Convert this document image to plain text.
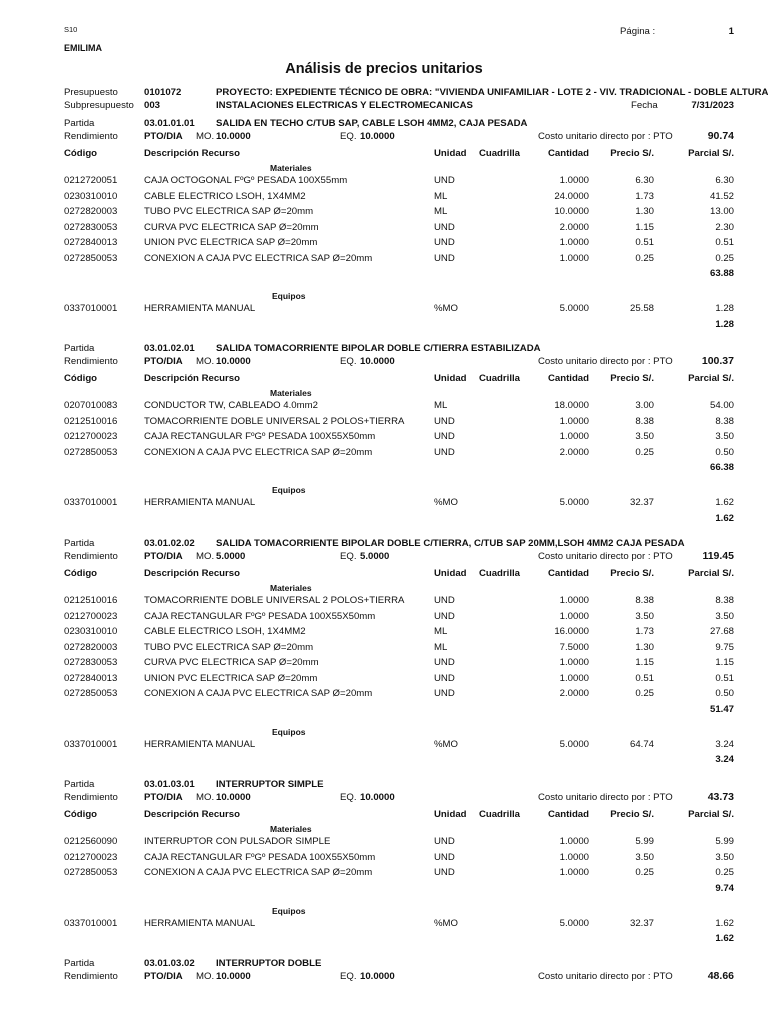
S10
EMILIMA
Página :	1
Análisis de precios unitarios
Presupuesto	0101072	PROYECTO: EXPEDIENTE TÉCNICO DE OBRA: "VIVIENDA UNIFAMILIAR - LOTE 2 - VIV. TRADICIONAL - DOBLE ALTURA
Subpresupuesto 003	INSTALACIONES ELECTRICAS Y ELECTROMECANICAS	Fecha	7/31/2023
Partida	03.01.01.01 SALIDA EN TECHO C/TUB SAP, CABLE LSOH 4MM2, CAJA PESADA
Rendimiento	PTO/DIA MO. 10.0000	EQ. 10.0000	Costo unitario directo por : PTO	90.74
Código	Descripción Recurso	Unidad	Cuadrilla	Cantidad	Precio S/.	Parcial S/.
Materiales
0212720051	CAJA OCTOGONAL FºGº PESADA 100X55mm	UND	1.0000	6.30	6.30
0230310010	CABLE ELECTRICO LSOH, 1X4MM2	ML	24.0000	1.73	41.52
0272820003	TUBO PVC ELECTRICA SAP Ø=20mm	ML	10.0000	1.30	13.00
0272830053	CURVA PVC ELECTRICA SAP Ø=20mm	UND	2.0000	1.15	2.30
0272840013	UNION PVC ELECTRICA SAP Ø=20mm	UND	1.0000	0.51	0.51
0272850053	CONEXION A CAJA PVC ELECTRICA SAP Ø=20mm	UND	1.0000	0.25	0.25
63.88
Equipos
0337010001	HERRAMIENTA MANUAL	%MO	5.0000	25.58	1.28
1.28
Partida	03.01.02.01 SALIDA TOMACORRIENTE BIPOLAR DOBLE C/TIERRA ESTABILIZADA
Rendimiento	PTO/DIA MO. 10.0000	EQ. 10.0000	Costo unitario directo por : PTO	100.37
Código	Descripción Recurso	Unidad	Cuadrilla	Cantidad	Precio S/.	Parcial S/.
Materiales
0207010083	CONDUCTOR TW, CABLEADO 4.0mm2	ML	18.0000	3.00	54.00
0212510016	TOMACORRIENTE DOBLE UNIVERSAL 2 POLOS+TIERRA	UND	1.0000	8.38	8.38
0212700023	CAJA RECTANGULAR FºGº PESADA 100X55X50mm	UND	1.0000	3.50	3.50
0272850053	CONEXION A CAJA PVC ELECTRICA SAP Ø=20mm	UND	2.0000	0.25	0.50
66.38
Equipos
0337010001	HERRAMIENTA MANUAL	%MO	5.0000	32.37	1.62
1.62
Partida	03.01.02.02 SALIDA TOMACORRIENTE BIPOLAR DOBLE C/TIERRA, C/TUB SAP 20MM,LSOH 4MM2 CAJA PESADA
Rendimiento	PTO/DIA MO. 5.0000	EQ. 5.0000	Costo unitario directo por : PTO	119.45
Código	Descripción Recurso	Unidad	Cuadrilla	Cantidad	Precio S/.	Parcial S/.
Materiales
0212510016	TOMACORRIENTE DOBLE UNIVERSAL 2 POLOS+TIERRA	UND	1.0000	8.38	8.38
0212700023	CAJA RECTANGULAR FºGº PESADA 100X55X50mm	UND	1.0000	3.50	3.50
0230310010	CABLE ELECTRICO LSOH, 1X4MM2	ML	16.0000	1.73	27.68
0272820003	TUBO PVC ELECTRICA SAP Ø=20mm	ML	7.5000	1.30	9.75
0272830053	CURVA PVC ELECTRICA SAP Ø=20mm	UND	1.0000	1.15	1.15
0272840013	UNION PVC ELECTRICA SAP Ø=20mm	UND	1.0000	0.51	0.51
0272850053	CONEXION A CAJA PVC ELECTRICA SAP Ø=20mm	UND	2.0000	0.25	0.50
51.47
Equipos
0337010001	HERRAMIENTA MANUAL	%MO	5.0000	64.74	3.24
3.24
Partida	03.01.03.01 INTERRUPTOR SIMPLE
Rendimiento	PTO/DIA MO. 10.0000	EQ. 10.0000	Costo unitario directo por : PTO	43.73
Código	Descripción Recurso	Unidad	Cuadrilla	Cantidad	Precio S/.	Parcial S/.
Materiales
0212560090	INTERRUPTOR CON PULSADOR SIMPLE	UND	1.0000	5.99	5.99
0212700023	CAJA RECTANGULAR FºGº PESADA 100X55X50mm	UND	1.0000	3.50	3.50
0272850053	CONEXION A CAJA PVC ELECTRICA SAP Ø=20mm	UND	1.0000	0.25	0.25
9.74
Equipos
0337010001	HERRAMIENTA MANUAL	%MO	5.0000	32.37	1.62
1.62
Partida	03.01.03.02 INTERRUPTOR DOBLE
Rendimiento	PTO/DIA MO. 10.0000	EQ. 10.0000	Costo unitario directo por : PTO	48.66
